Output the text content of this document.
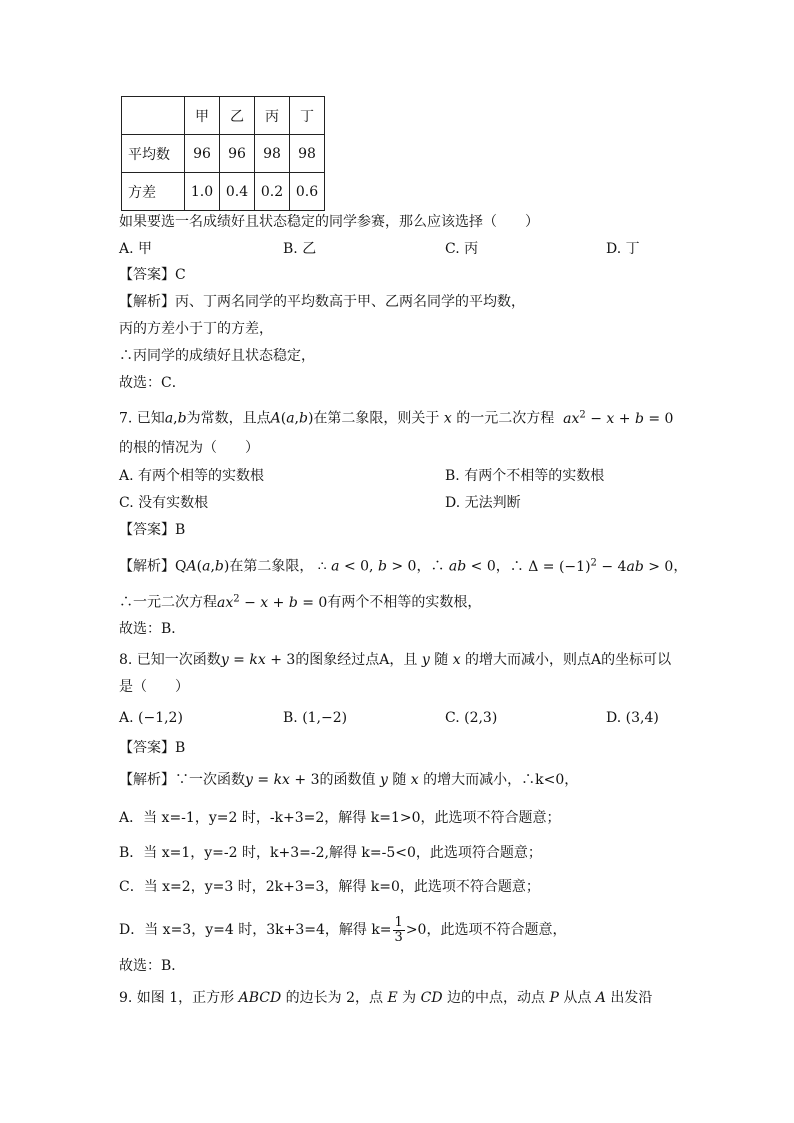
	甲	乙	丙	丁
平均数	96	96	98	98
方差	1.0	0.4	0.2	0.6
如果要选一名成绩好且状态稳定的同学参赛，那么应该选择（　　）
A. 甲	B. 乙	C. 丙	D. 丁
【答案】C
【解析】丙、丁两名同学的平均数高于甲、乙两名同学的平均数，
丙的方差小于丁的方差，
∴丙同学的成绩好且状态稳定，
故选：C．
7. 已知a,b为常数，且点A(a,b)在第二象限，则关于 x 的一元二次方程  $ax^2 - x + b = 0$
的根的情况为（　　）
A. 有两个相等的实数根	B. 有两个不相等的实数根
C. 没有实数根	D. 无法判断
【答案】B
【解析】QA(a,b)在第二象限， ∴ a < 0, b > 0，∴ ab < 0，∴ $\Delta = (-1)^2 - 4ab > 0$，
∴一元二次方程$ax^2 - x + b = 0$有两个不相等的实数根，
故选：B．
8. 已知一次函数y = kx + 3的图象经过点A，且 y 随 x 的增大而减小，则点A的坐标可以
是（　　）
A. (−1,2)	B. (1,−2)	C. (2,3)	D. (3,4)
【答案】B
【解析】∵一次函数y = kx + 3的函数值 y 随 x 的增大而减小，∴k<0，
A．当 x=-1，y=2 时，-k+3=2，解得 k=1>0，此选项不符合题意；
B．当 x=1，y=-2 时，k+3=-2,解得 k=-5<0，此选项符合题意；
C．当 x=2，y=3 时，2k+3=3，解得 k=0，此选项不符合题意；
D．当 x=3，y=4 时，3k+3=4，解得 $k= \frac{1}{3} >0$，此选项不符合题意，
故选：B．
9. 如图 1，正方形 ABCD 的边长为 2，点 E 为 CD 边的中点，动点 P 从点 A 出发沿
